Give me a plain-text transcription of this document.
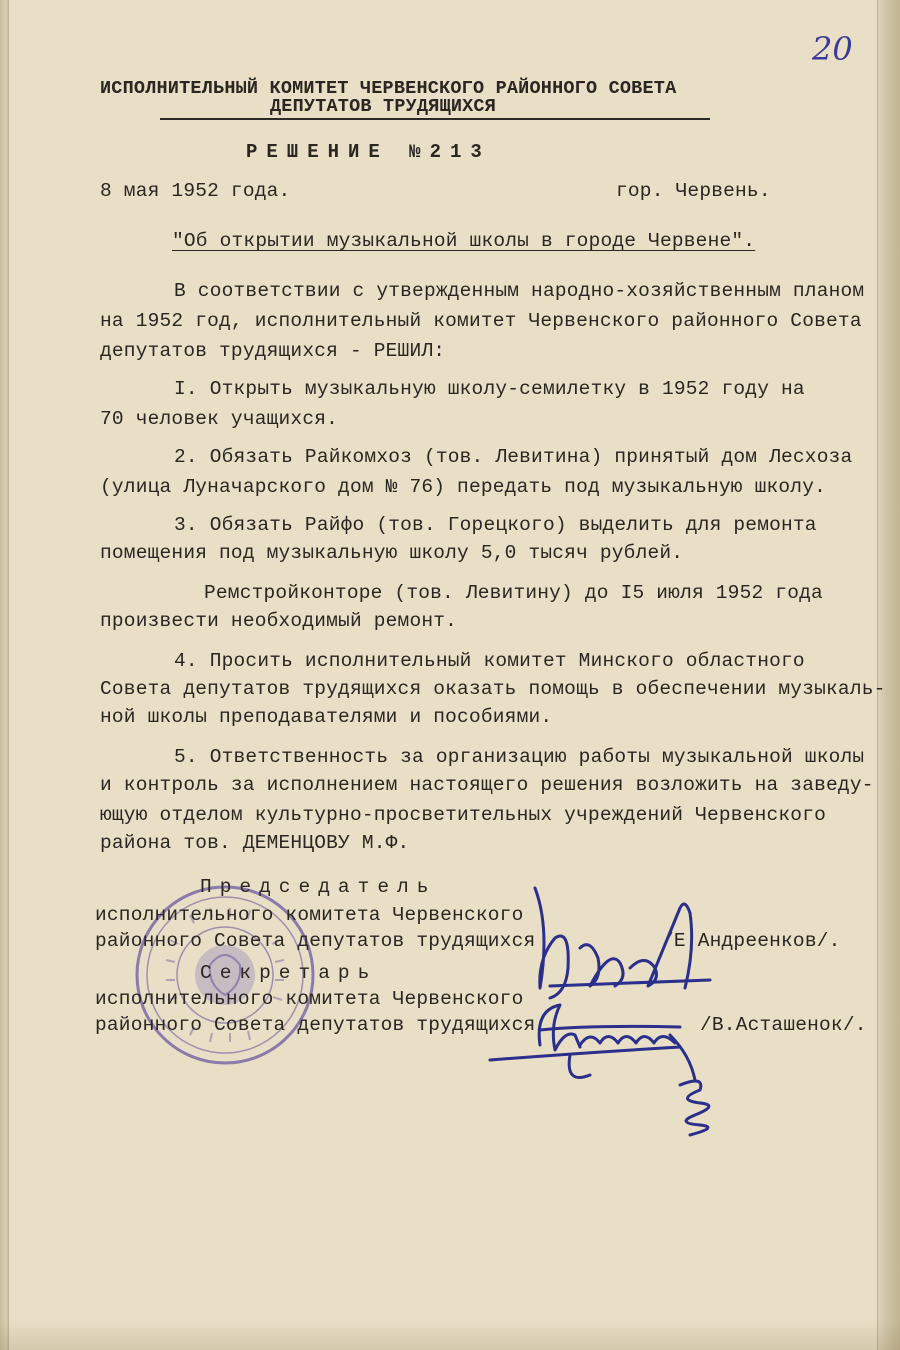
20
ИСПОЛНИТЕЛЬНЫЙ КОМИТЕТ ЧЕРВЕНСКОГО РАЙОННОГО СОВЕТА
ДЕПУТАТОВ ТРУДЯЩИХСЯ
РЕШЕНИЕ №213
8 мая 1952 года.	гор. Червень.
"Об открытии музыкальной школы в городе Червене".
В соответствии с утвержденным народно-хозяйственным планом
на 1952 год, исполнительный комитет Червенского районного Совета
депутатов трудящихся - РЕШИЛ:
I. Открыть музыкальную школу-семилетку в 1952 году на
70 человек учащихся.
2. Обязать Райкомхоз (тов. Левитина) принятый дом Лесхоза
(улица Луначарского дом № 76) передать под музыкальную школу.
3. Обязать Райфо (тов. Горецкого) выделить для ремонта
помещения под музыкальную школу 5,0 тысяч рублей.
Ремстройконторе (тов. Левитину) до I5 июля 1952 года
произвести необходимый ремонт.
4. Просить исполнительный комитет Минского областного
Совета депутатов трудящихся оказать помощь в обеспечении музыкаль-
ной школы преподавателями и пособиями.
5. Ответственность за организацию работы музыкальной школы
и контроль за исполнением настоящего решения возложить на заведу-
ющую отделом культурно-просветительных учреждений Червенского
района тов. ДЕМЕНЦОВУ М.Ф.
Председатель
исполнительного комитета Червенского
районного Совета депутатов трудящихся	/Е.Андреенков/.
Секретарь
исполнительного комитета Червенского
районного Совета депутатов трудящихся	/В.Асташенок/.
